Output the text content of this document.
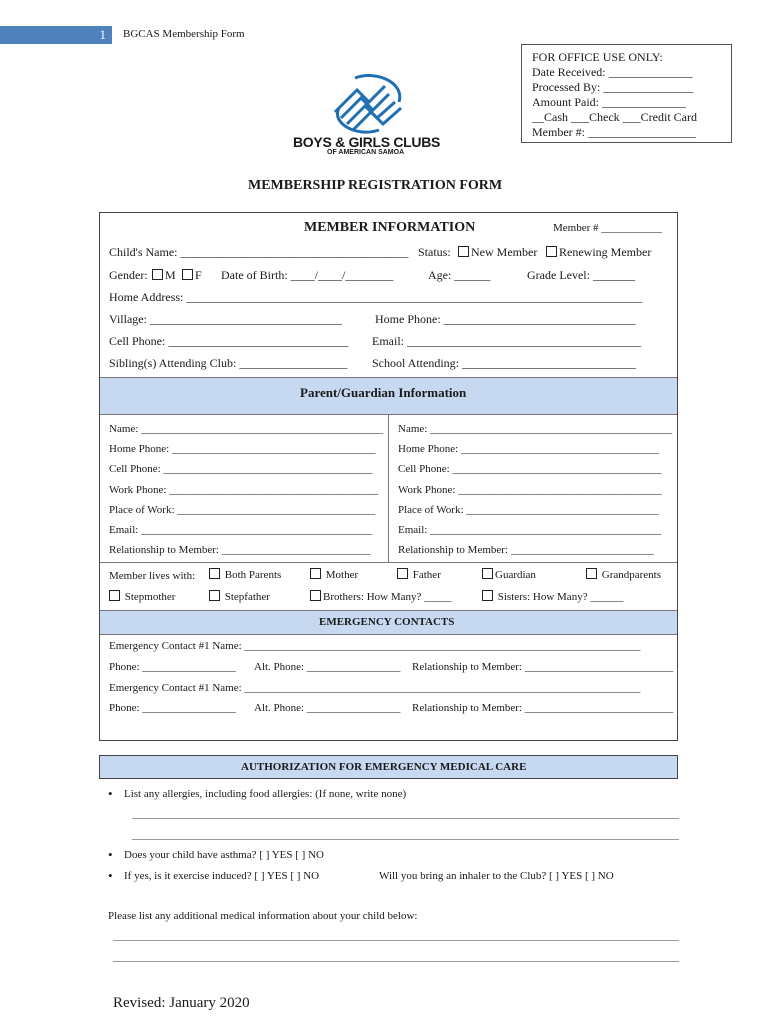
1 BGCAS Membership Form
BOYS & GIRLS CLUBS
OF AMERICAN SAMOA
FOR OFFICE USE ONLY:
Date Received: ______________
Processed By: _______________
Amount Paid: ______________
__Cash ___Check ___Credit Card
Member #: __________________
MEMBERSHIP REGISTRATION FORM
MEMBER INFORMATION	Member # ___________
Child's Name: ______________________________________ Status:	New Member	Renewing Member
Gender:	M	F Date of Birth: ____/____/________	Age: ______	Grade Level: _______
Home Address: ____________________________________________________________________________
Village: ________________________________	Home Phone: ________________________________
Cell Phone: ______________________________ Email: _______________________________________
Sibling(s) Attending Club: __________________ School Attending: _____________________________
Parent/Guardian Information
Name: ____________________________________________
Home Phone: _____________________________________
Cell Phone: ______________________________________
Work Phone: ______________________________________
Place of Work: ____________________________________
Email: __________________________________________
Relationship to Member: ___________________________
Name: ____________________________________________
Home Phone: ____________________________________
Cell Phone: ______________________________________
Work Phone: _____________________________________
Place of Work: ___________________________________
Email: __________________________________________
Relationship to Member: __________________________
Member lives with:	Both Parents	Mother	Father	Guardian	Grandparents
Stepmother	Stepfather	Brothers: How Many? _____	Sisters: How Many? ______
EMERGENCY CONTACTS
Emergency Contact #1 Name: ________________________________________________________________________
Phone: _________________ Alt. Phone: _________________ Relationship to Member: ___________________________
Emergency Contact #1 Name: ________________________________________________________________________
Phone: _________________ Alt. Phone: _________________ Relationship to Member: ___________________________
AUTHORIZATION FOR EMERGENCY MEDICAL CARE
• List any allergies, including food allergies: (If none, write none)
• Does your child have asthma? [ ] YES [ ] NO
• If yes, is it exercise induced? [ ] YES [ ] NO	Will you bring an inhaler to the Club? [ ] YES [ ] NO
Please list any additional medical information about your child below:
Revised: January 2020
